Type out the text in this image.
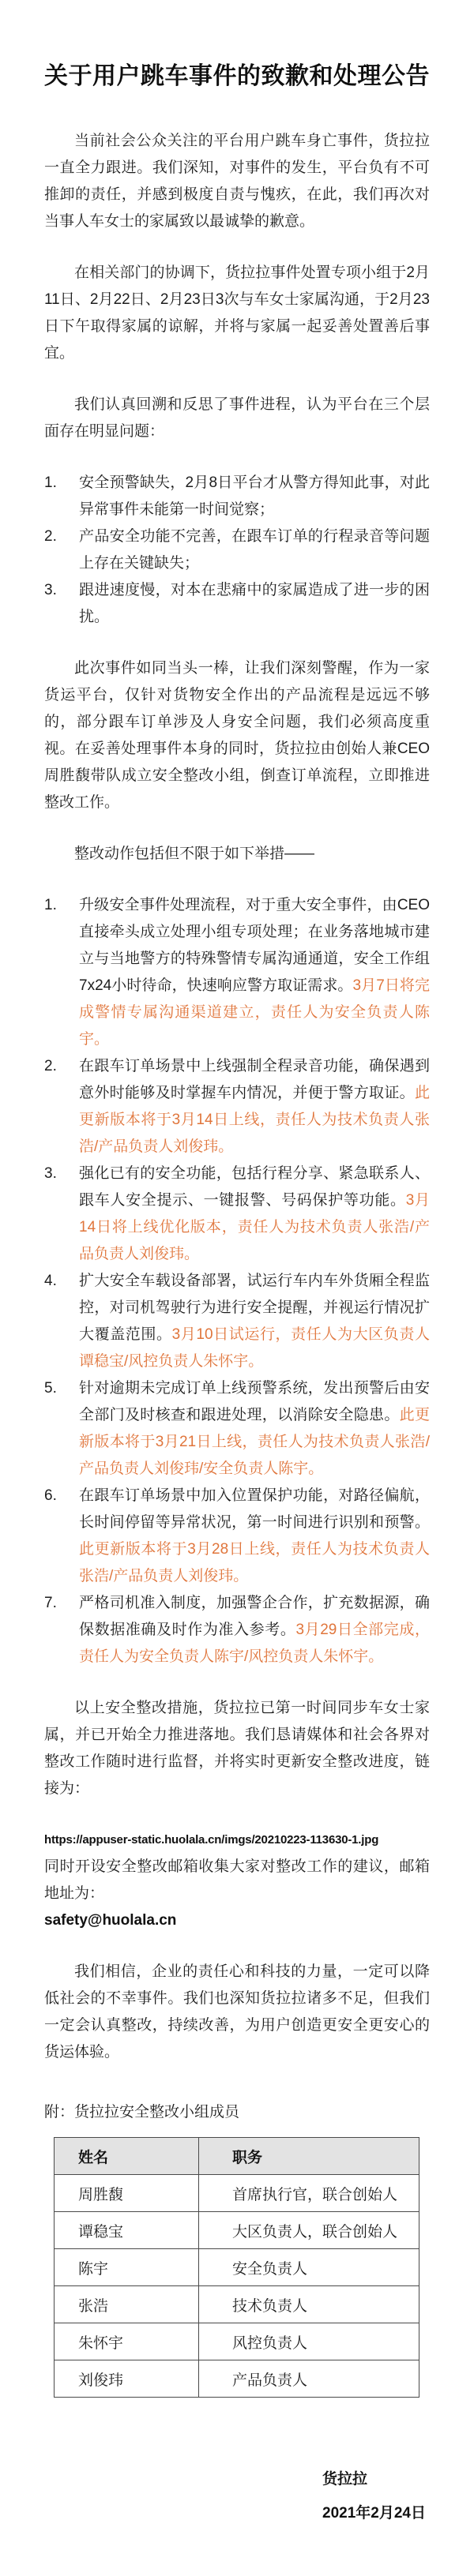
关于用户跳车事件的致歉和处理公告

当前社会公众关注的平台用户跳车身亡事件，货拉拉一直全力跟进。我们深知，对事件的发生，平台负有不可推卸的责任，并感到极度自责与愧疚，在此，我们再次对当事人车女士的家属致以最诚挚的歉意。

在相关部门的协调下，货拉拉事件处置专项小组于2月11日、2月22日、2月23日3次与车女士家属沟通，于2月23日下午取得家属的谅解，并将与家属一起妥善处置善后事宜。

我们认真回溯和反思了事件进程，认为平台在三个层面存在明显问题：

1. 安全预警缺失，2月8日平台才从警方得知此事，对此异常事件未能第一时间觉察；
2. 产品安全功能不完善，在跟车订单的行程录音等问题上存在关键缺失；
3. 跟进速度慢，对本在悲痛中的家属造成了进一步的困扰。

此次事件如同当头一棒，让我们深刻警醒，作为一家货运平台，仅针对货物安全作出的产品流程是远远不够的，部分跟车订单涉及人身安全问题，我们必须高度重视。在妥善处理事件本身的同时，货拉拉由创始人兼CEO周胜馥带队成立安全整改小组，倒查订单流程，立即推进整改工作。

整改动作包括但不限于如下举措——

1. 升级安全事件处理流程，对于重大安全事件，由CEO直接牵头成立处理小组专项处理；在业务落地城市建立与当地警方的特殊警情专属沟通通道，安全工作组7x24小时待命，快速响应警方取证需求。3月7日将完成警情专属沟通渠道建立，责任人为安全负责人陈宇。
2. 在跟车订单场景中上线强制全程录音功能，确保遇到意外时能够及时掌握车内情况，并便于警方取证。此更新版本将于3月14日上线，责任人为技术负责人张浩/产品负责人刘俊玮。
3. 强化已有的安全功能，包括行程分享、紧急联系人、跟车人安全提示、一键报警、号码保护等功能。3月14日将上线优化版本，责任人为技术负责人张浩/产品负责人刘俊玮。
4. 扩大安全车载设备部署，试运行车内车外货厢全程监控，对司机驾驶行为进行安全提醒，并视运行情况扩大覆盖范围。3月10日试运行，责任人为大区负责人谭稳宝/风控负责人朱怀宇。
5. 针对逾期未完成订单上线预警系统，发出预警后由安全部门及时核查和跟进处理，以消除安全隐患。此更新版本将于3月21日上线，责任人为技术负责人张浩/产品负责人刘俊玮/安全负责人陈宇。
6. 在跟车订单场景中加入位置保护功能，对路径偏航，长时间停留等异常状况，第一时间进行识别和预警。此更新版本将于3月28日上线，责任人为技术负责人张浩/产品负责人刘俊玮。
7. 严格司机准入制度，加强警企合作，扩充数据源，确保数据准确及时作为准入参考。3月29日全部完成，责任人为安全负责人陈宇/风控负责人朱怀宇。

以上安全整改措施，货拉拉已第一时间同步车女士家属，并已开始全力推进落地。我们恳请媒体和社会各界对整改工作随时进行监督，并将实时更新安全整改进度，链接为：

https://appuser-static.huolala.cn/imgs/20210223-113630-1.jpg

同时开设安全整改邮箱收集大家对整改工作的建议，邮箱地址为：

safety@huolala.cn

我们相信，企业的责任心和科技的力量，一定可以降低社会的不幸事件。我们也深知货拉拉诸多不足，但我们一定会认真整改，持续改善，为用户创造更安全更安心的货运体验。

附：货拉拉安全整改小组成员

姓名	职务
周胜馥	首席执行官，联合创始人
谭稳宝	大区负责人，联合创始人
陈宇	安全负责人
张浩	技术负责人
朱怀宇	风控负责人
刘俊玮	产品负责人
货拉拉
2021年2月24日
